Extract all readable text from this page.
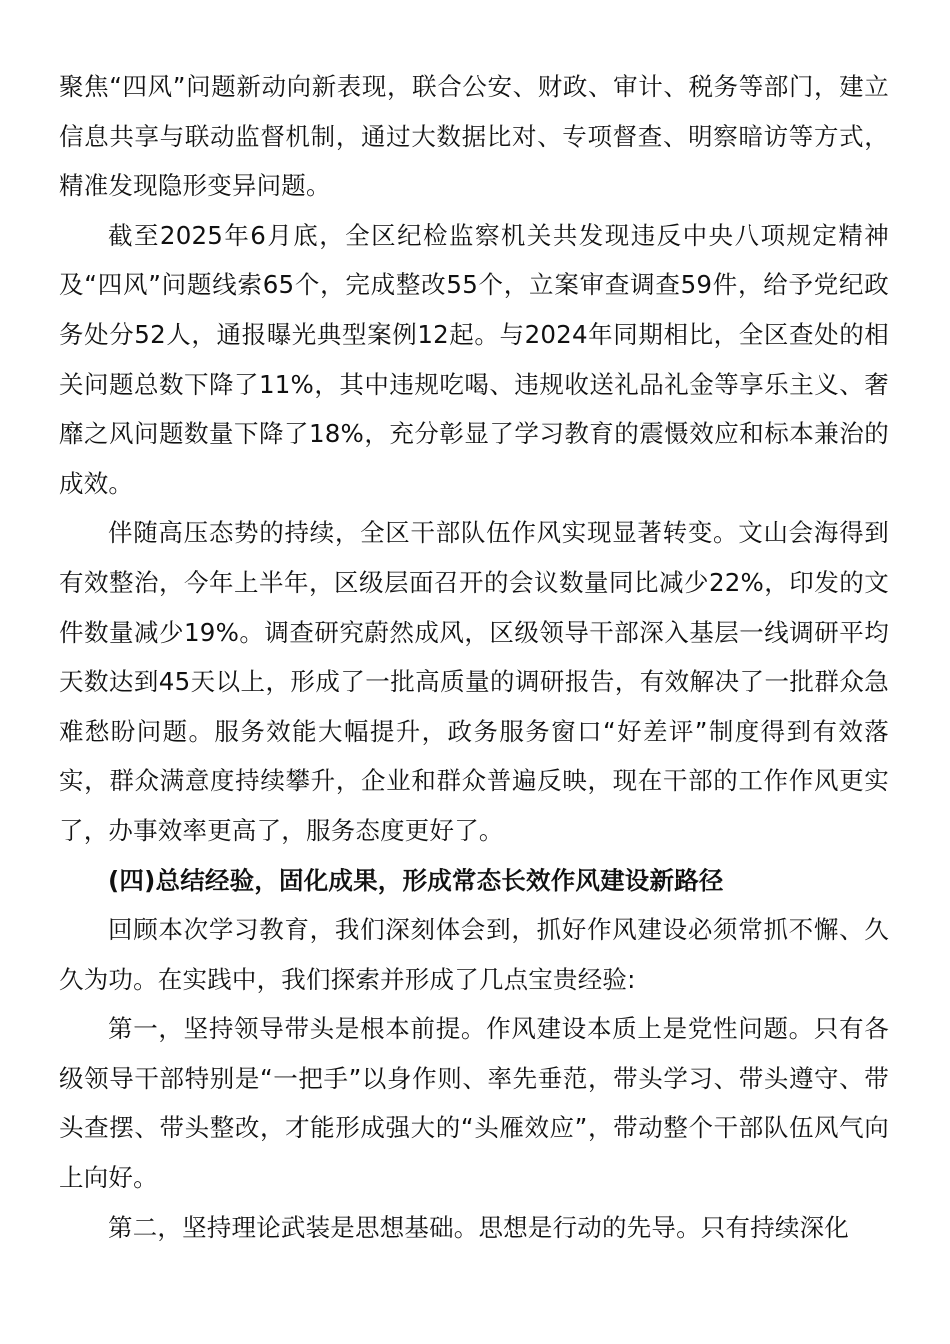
聚焦“四风”问题新动向新表现，联合公安、财政、审计、税务等部门，建立信息共享与联动监督机制，通过大数据比对、专项督查、明察暗访等方式，精准发现隐形变异问题。

截至2025年6月底，全区纪检监察机关共发现违反中央八项规定精神及“四风”问题线索65个，完成整改55个，立案审查调查59件，给予党纪政务处分52人，通报曝光典型案例12起。与2024年同期相比，全区查处的相关问题总数下降了11%，其中违规吃喝、违规收送礼品礼金等享乐主义、奢靡之风问题数量下降了18%，充分彰显了学习教育的震慑效应和标本兼治的成效。

伴随高压态势的持续，全区干部队伍作风实现显著转变。文山会海得到有效整治，今年上半年，区级层面召开的会议数量同比减少22%，印发的文件数量减少19%。调查研究蔚然成风，区级领导干部深入基层一线调研平均天数达到45天以上，形成了一批高质量的调研报告，有效解决了一批群众急难愁盼问题。服务效能大幅提升，政务服务窗口“好差评”制度得到有效落实，群众满意度持续攀升，企业和群众普遍反映，现在干部的工作作风更实了，办事效率更高了，服务态度更好了。

(四)总结经验，固化成果，形成常态长效作风建设新路径

回顾本次学习教育，我们深刻体会到，抓好作风建设必须常抓不懈、久久为功。在实践中，我们探索并形成了几点宝贵经验:

第一，坚持领导带头是根本前提。作风建设本质上是党性问题。只有各级领导干部特别是“一把手”以身作则、率先垂范，带头学习、带头遵守、带头查摆、带头整改，才能形成强大的“头雁效应”，带动整个干部队伍风气向上向好。

第二，坚持理论武装是思想基础。思想是行动的先导。只有持续深化
